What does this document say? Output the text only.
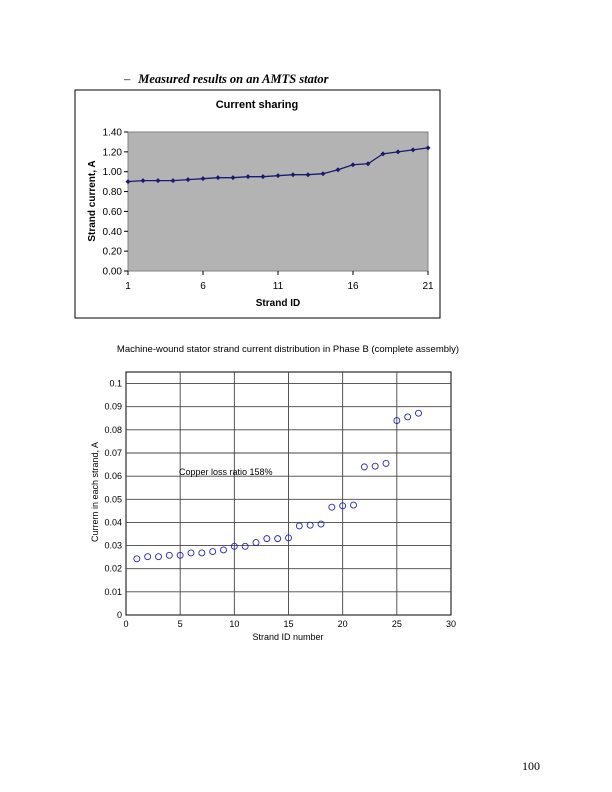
– Measured results on an AMTS stator
Current sharing
0.00
0.20
0.40
0.60
0.80
1.00
1.20
1.40
1	6	11	16	21
Strand ID
Strand current, A
Machine-wound stator strand current distribution in Phase B (complete assembly)
0
0.01
0.02
0.03
0.04
0.05
0.06
0.07
0.08
0.09
0.1
0	5	10	15	20	25	30
Strand ID number
Currern in each strand, A	Copper loss ratio 158%
100
